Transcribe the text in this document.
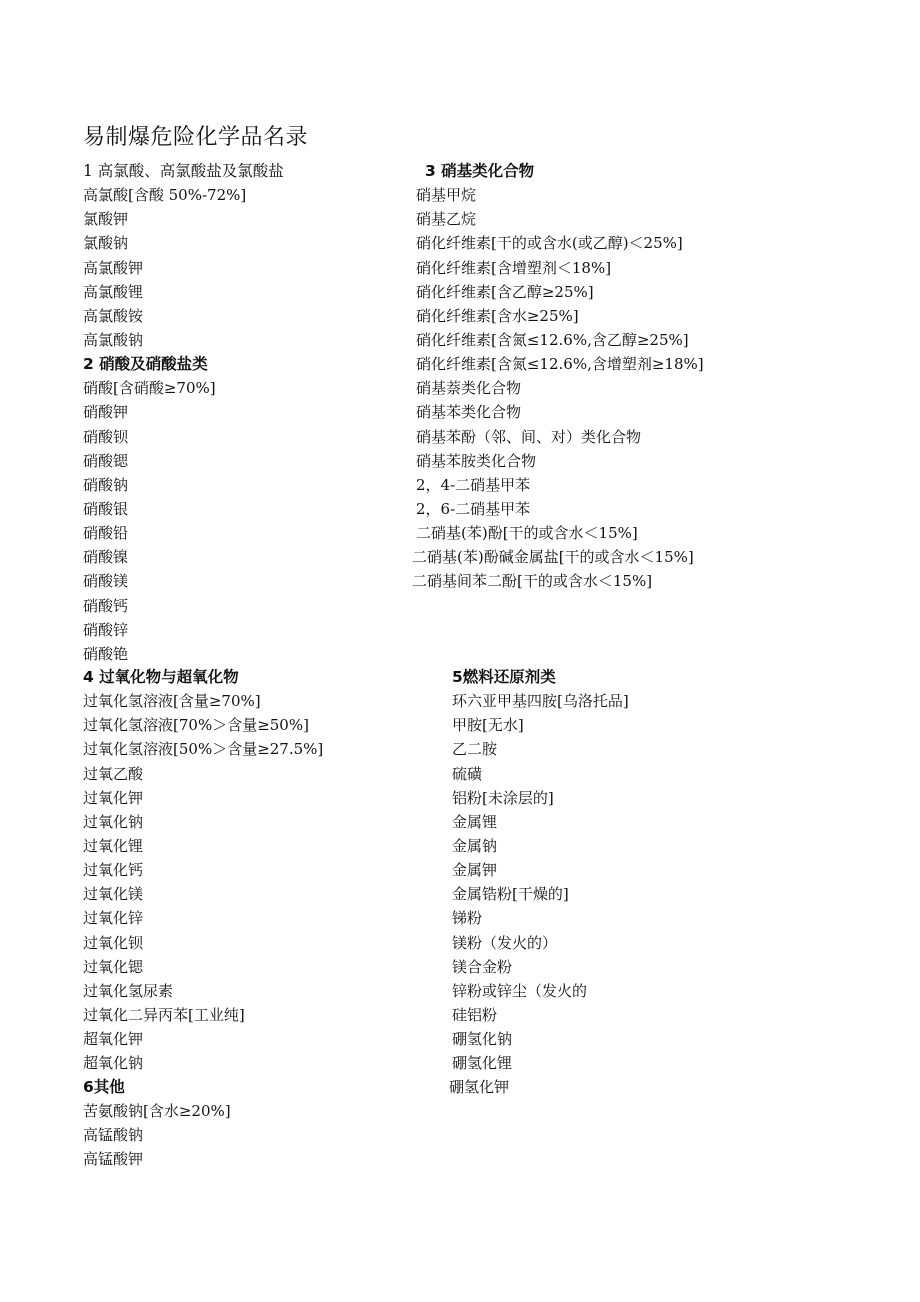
易制爆危险化学品名录
1 高氯酸、高氯酸盐及氯酸盐
高氯酸[含酸 50%-72%]
氯酸钾
氯酸钠
高氯酸钾
高氯酸锂
高氯酸铵
高氯酸钠
2 硝酸及硝酸盐类
硝酸[含硝酸≥70%]
硝酸钾
硝酸钡
硝酸锶
硝酸钠
硝酸银
硝酸铅
硝酸镍
硝酸镁
硝酸钙
硝酸锌
硝酸铯
3 硝基类化合物
硝基甲烷
硝基乙烷
硝化纤维素[干的或含水(或乙醇)＜25%]
硝化纤维素[含增塑剂＜18%]
硝化纤维素[含乙醇≥25%]
硝化纤维素[含水≥25%]
硝化纤维素[含氮≤12.6%,含乙醇≥25%]
硝化纤维素[含氮≤12.6%,含增塑剂≥18%]
硝基萘类化合物
硝基苯类化合物
硝基苯酚（邻、间、对）类化合物
硝基苯胺类化合物
2，4-二硝基甲苯
2，6-二硝基甲苯
二硝基(苯)酚[干的或含水＜15%]
二硝基(苯)酚碱金属盐[干的或含水＜15%]
二硝基间苯二酚[干的或含水＜15%]
4 过氧化物与超氧化物
过氧化氢溶液[含量≥70%]
过氧化氢溶液[70%＞含量≥50%]
过氧化氢溶液[50%＞含量≥27.5%]
过氧乙酸
过氧化钾
过氧化钠
过氧化锂
过氧化钙
过氧化镁
过氧化锌
过氧化钡
过氧化锶
过氧化氢尿素
过氧化二异丙苯[工业纯]
超氧化钾
超氧化钠
5燃料还原剂类
环六亚甲基四胺[乌洛托品]
甲胺[无水]
乙二胺
硫磺
铝粉[未涂层的]
金属锂
金属钠
金属钾
金属锆粉[干燥的]
锑粉
镁粉（发火的）
镁合金粉
锌粉或锌尘（发火的
硅铝粉
硼氢化钠
硼氢化锂
硼氢化钾
6其他
苦氨酸钠[含水≥20%]
高锰酸钠
高锰酸钾
